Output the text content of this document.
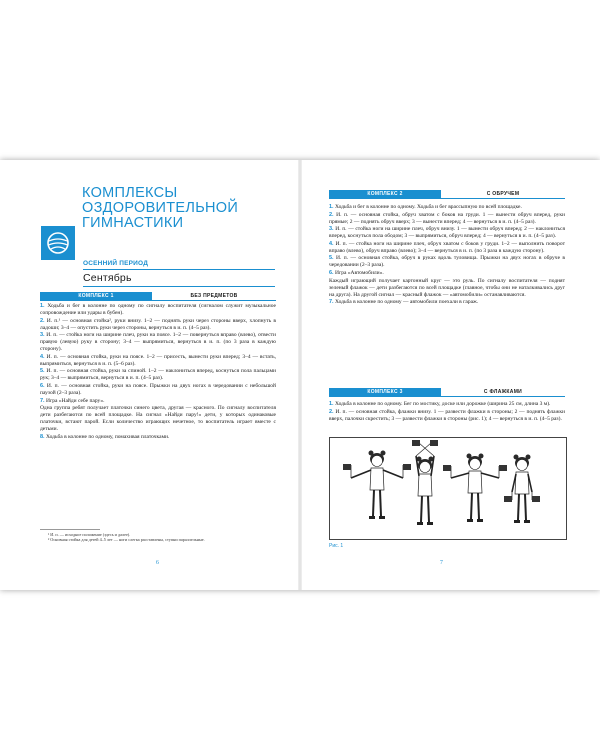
КОМПЛЕКСЫ
ОЗДОРОВИТЕЛЬНОЙ
ГИМНАСТИКИ
ОСЕННИЙ ПЕРИОД
Сентябрь
КОМПЛЕКС 1	БЕЗ ПРЕДМЕТОВ

1. Ходьба и бег в колонне по одному по сигналу воспитателя (сигналом служит музыкальное сопровождение или удары в бубен).

2. И. п.¹ — основная стойка², руки внизу. 1–2 — поднять руки через стороны вверх, хлопнуть в ладоши; 3–4 — опустить руки через стороны, вернуться в и. п. (4–5 раз).

3. И. п. — стойка ноги на ширине плеч, руки на поясе. 1–2 — повернуться вправо (влево), отвести правую (левую) руку в сторону; 3–4 — выпрямиться, вернуться в и. п. (по 3 раза в каждую сторону).

4. И. п. — основная стойка, руки на поясе. 1–2 — присесть, вынести руки вперед; 3–4 — встать, выпрямиться, вернуться в и. п. (5–6 раз).

5. И. п. — основная стойка, руки за спиной. 1–2 — наклониться вперед, коснуться пола пальцами рук; 3–4 — выпрямиться, вернуться в и. п. (4–5 раз).

6. И. п. — основная стойка, руки на поясе. Прыжки на двух ногах в чередовании с небольшой паузой (2–3 раза).

7. Игра «Найди себе пару».

Одна группа ребят получает платочки синего цвета, другая — красного. По сигналу воспитателя дети разбегаются по всей площадке. На сигнал «Найди пару!» дети, у которых одинаковые платочки, встают парой. Если количество играющих нечетное, то воспитатель играет вместе с детьми.

8. Ходьба в колонне по одному, помахивая платочками.

¹ И. п. — исходное положение (здесь и далее).

² Основная стойка для детей 4–5 лет — ноги слегка расставлены, ступни параллельные.

6
КОМПЛЕКС 2	С ОБРУЧЕМ

1. Ходьба и бег в колонне по одному. Ходьба и бег врассыпную по всей площадке.

2. И. п. — основная стойка, обруч хватом с боков на груди. 1 — вынести обруч вперед, руки прямые; 2 — поднять обруч вверх; 3 — вынести вперед; 4 — вернуться в и. п. (4–5 раз).

3. И. п. — стойка ноги на ширине плеч, обруч внизу. 1 — вынести обруч вперед; 2 — наклониться вперед, коснуться пола ободом; 3 — выпрямиться, обруч вперед; 4 — вернуться в и. п. (4–5 раз).

4. И. п. — стойка ноги на ширине плеч, обруч хватом с боков у груди. 1–2 — выполнить поворот вправо (влево), обруч вправо (влево); 3–4 — вернуться в и. п. (по 3 раза в каждую сторону).

5. И. п. — основная стойка, обруч в руках вдоль туловища. Прыжки на двух ногах в обруче в чередовании (2–3 раза).

6. Игра «Автомобили».

Каждый играющий получает картонный круг — это руль. По сигналу воспитателя — поднят зеленый флажок — дети разбегаются по всей площадке (главное, чтобы они не наталкивались друг на друга). На другой сигнал — красный флажок — «автомобили» останавливаются.

7. Ходьба в колонне по одному — автомобили поехали в гараж.

КОМПЛЕКС 3	С ФЛАЖКАМИ

1. Ходьба в колонне по одному. Бег по мостику, доске или дорожке (ширина 25 см, длина 3 м).

2. И. п. — основная стойка, флажки внизу. 1 — развести флажки в стороны; 2 — поднять флажки вверх, палочки скрестить; 3 — развести флажки в стороны (рис. 1); 4 — вернуться в и. п. (4–5 раз).

Рис. 1
7
